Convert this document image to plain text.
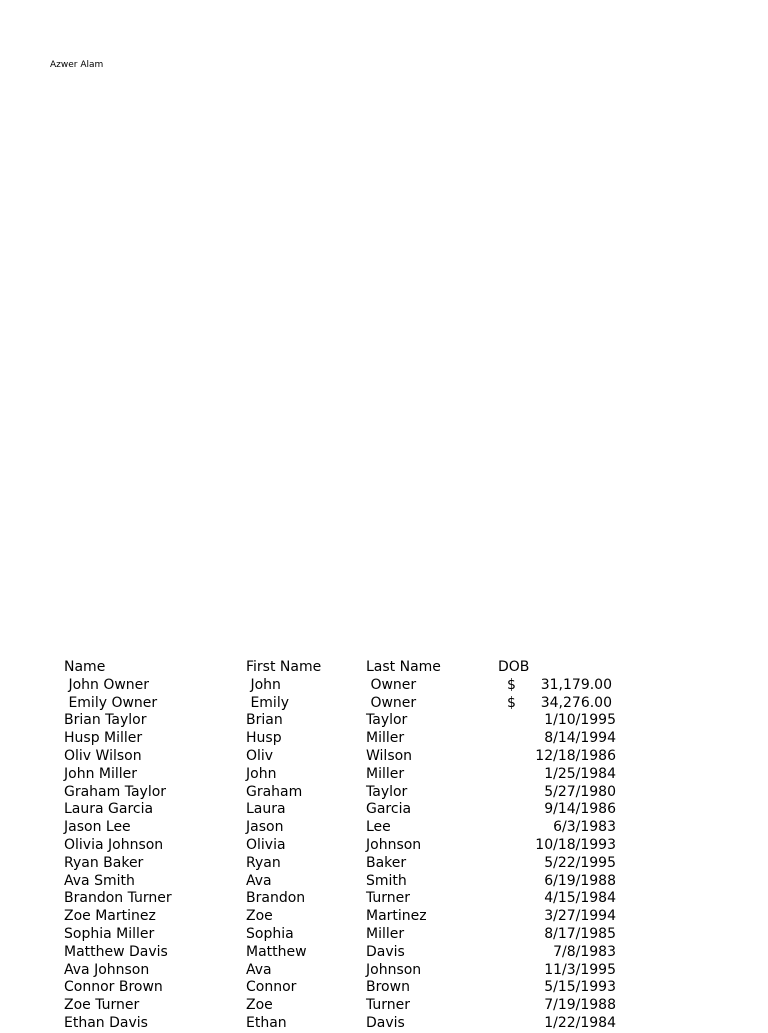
Azwer Alam
Name	First Name	Last Name	DOB
John Owner	John	Owner	$ 31,179.00
Emily Owner	Emily	Owner	$ 34,276.00
Brian Taylor	Brian	Taylor	1/10/1995
Husp Miller	Husp	Miller	8/14/1994
Oliv Wilson	Oliv	Wilson	12/18/1986
John Miller	John	Miller	1/25/1984
Graham Taylor	Graham	Taylor	5/27/1980
Laura Garcia	Laura	Garcia	9/14/1986
Jason Lee	Jason	Lee	6/3/1983
Olivia Johnson	Olivia	Johnson	10/18/1993
Ryan Baker	Ryan	Baker	5/22/1995
Ava Smith	Ava	Smith	6/19/1988
Brandon Turner	Brandon	Turner	4/15/1984
Zoe Martinez	Zoe	Martinez	3/27/1994
Sophia Miller	Sophia	Miller	8/17/1985
Matthew Davis	Matthew	Davis	7/8/1983
Ava Johnson	Ava	Johnson	11/3/1995
Connor Brown	Connor	Brown	5/15/1993
Zoe Turner	Zoe	Turner	7/19/1988
Ethan Davis	Ethan	Davis	1/22/1984
